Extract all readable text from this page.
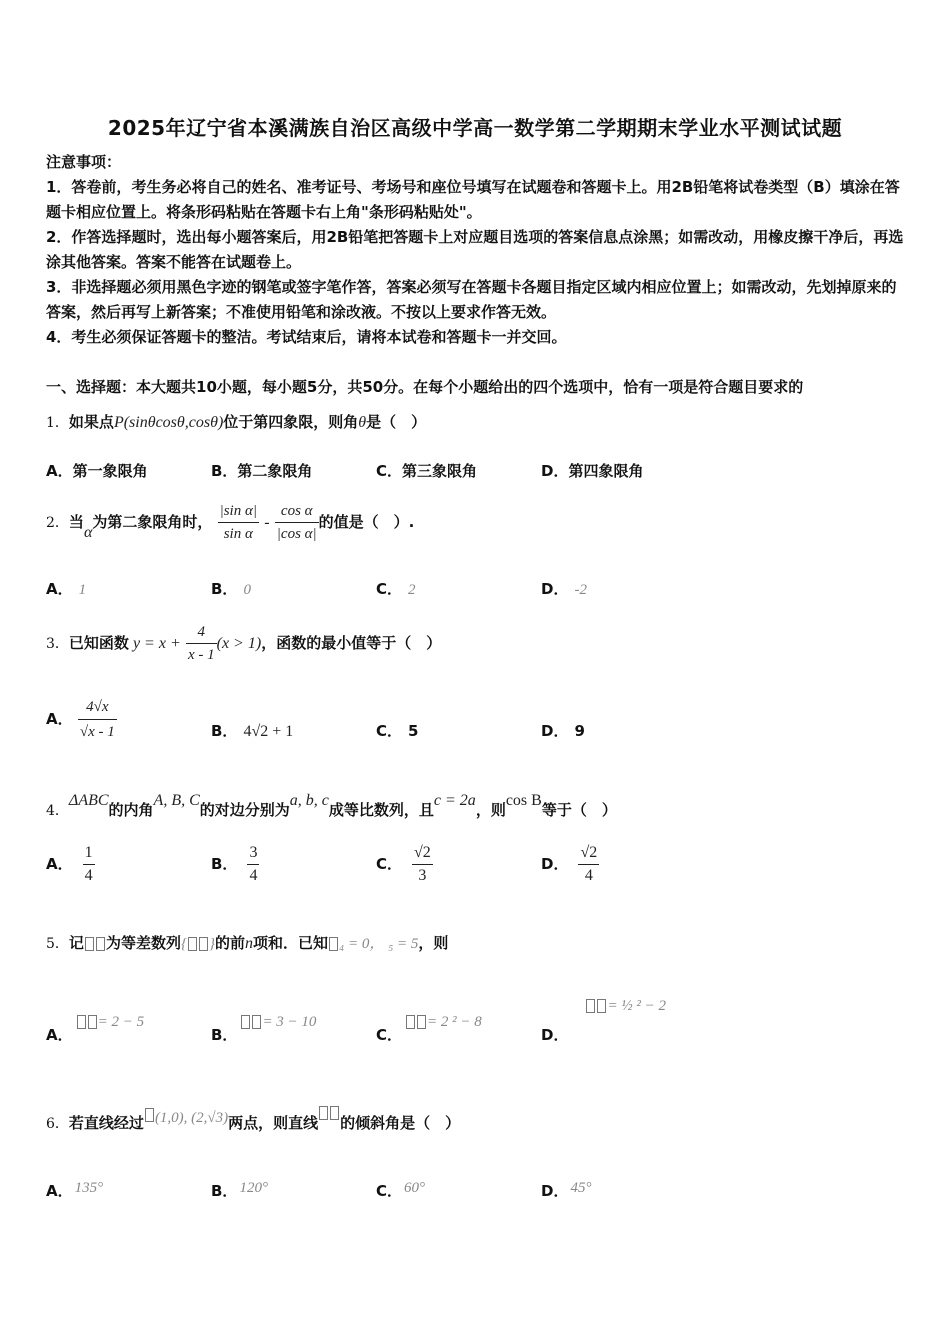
2025年辽宁省本溪满族自治区高级中学高一数学第二学期期末学业水平测试试题
注意事项：
1．答卷前，考生务必将自己的姓名、准考证号、考场号和座位号填写在试题卷和答题卡上。用2B铅笔将试卷类型（B）填涂在答题卡相应位置上。将条形码粘贴在答题卡右上角"条形码粘贴处"。
2．作答选择题时，选出每小题答案后，用2B铅笔把答题卡上对应题目选项的答案信息点涂黑；如需改动，用橡皮擦干净后，再选涂其他答案。答案不能答在试题卷上。
3．非选择题必须用黑色字迹的钢笔或签字笔作答，答案必须写在答题卡各题目指定区域内相应位置上；如需改动，先划掉原来的答案，然后再写上新答案；不准使用铅笔和涂改液。不按以上要求作答无效。
4．考生必须保证答题卡的整洁。考试结束后，请将本试卷和答题卡一并交回。
一、选择题：本大题共10小题，每小题5分，共50分。在每个小题给出的四个选项中，恰有一项是符合题目要求的
1．如果点P(sinθcosθ,cosθ)位于第四象限，则角θ是（　）
A．第一象限角	B．第二象限角	C．第三象限角	D．第四象限角
2．当α为第二象限角时， $\frac{\text{|sin α|}}{\text{sin α}} - \frac{\text{cos α}}{\text{|cos α|}}$ 的值是（　）.
A． 1	B． 0	C． 2	D． -2
3．已知函数 $y = x + \frac{4}{x - 1} (x > 1)$，函数的最小值等于（　）
A． $\frac{4√x}{√x - 1}$	B． 4√2 + 1	C． 5	D． 9
4．ΔABC的内角A, B, C的对边分别为a, b, c成等比数列，且c = 2a，则cos B等于（　）
A． $\frac{1}{4}$	B． $\frac{3}{4}$	C． $\frac{√2}{3}$	D． $\frac{√2}{4}$
5．记 为等差数列{ }的前n项和．已知 ₄ = 0， ₅ = 5，则
A．= 2 − 5
B．= 3 − 10
C．= 2 ² − 8
D．= ½ ² − 2
6．若直线经过 (1,0), (2,√3)两点，则直线 的倾斜角是（　）
A． 135°	B． 120°	C． 60°	D． 45°
